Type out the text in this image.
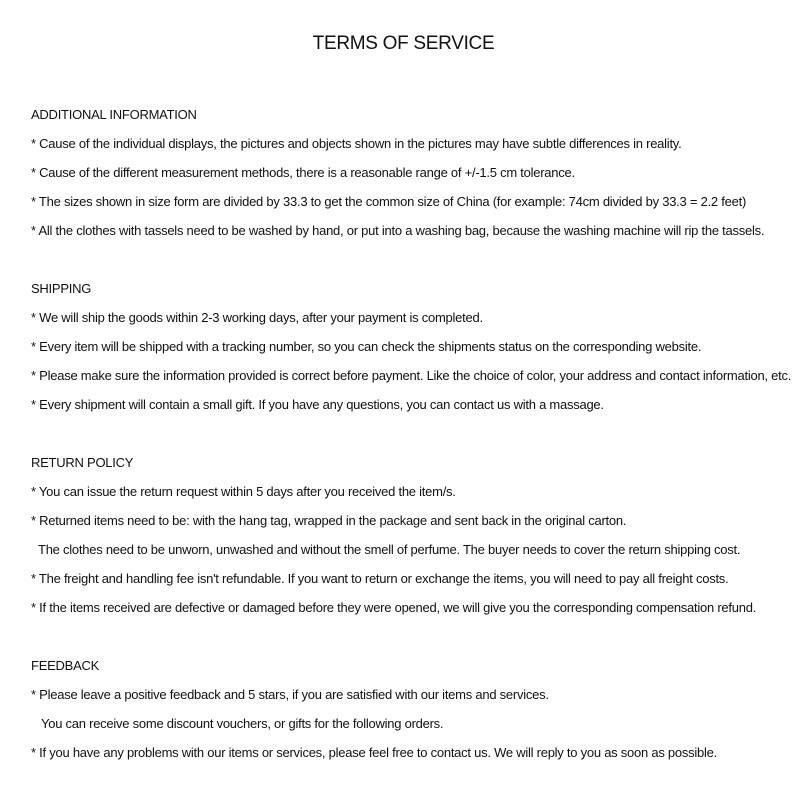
TERMS OF SERVICE
ADDITIONAL INFORMATION
* Cause of the individual displays, the pictures and objects shown in the pictures may have subtle differences in reality.
* Cause of the different measurement methods, there is a reasonable range of +/-1.5 cm tolerance.
* The sizes shown in size form are divided by 33.3 to get the common size of China (for example: 74cm divided by 33.3 = 2.2 feet)
* All the clothes with tassels need to be washed by hand, or put into a washing bag, because the washing machine will rip the tassels.
SHIPPING
* We will ship the goods within 2-3 working days, after your payment is completed.
* Every item will be shipped with a tracking number, so you can check the shipments status on the corresponding website.
* Please make sure the information provided is correct before payment. Like the choice of color, your address and contact information, etc.
* Every shipment will contain a small gift. If you have any questions, you can contact us with a massage.
RETURN POLICY
* You can issue the return request within 5 days after you received the item/s.
* Returned items need to be: with the hang tag, wrapped in the package and sent back in the original carton.
The clothes need to be unworn, unwashed and without the smell of perfume. The buyer needs to cover the return shipping cost.
* The freight and handling fee isn't refundable. If you want to return or exchange the items, you will need to pay all freight costs.
* If the items received are defective or damaged before they were opened, we will give you the corresponding compensation refund.
FEEDBACK
* Please leave a positive feedback and 5 stars, if you are satisfied with our items and services.
You can receive some discount vouchers, or gifts for the following orders.
* If you have any problems with our items or services, please feel free to contact us. We will reply to you as soon as possible.
